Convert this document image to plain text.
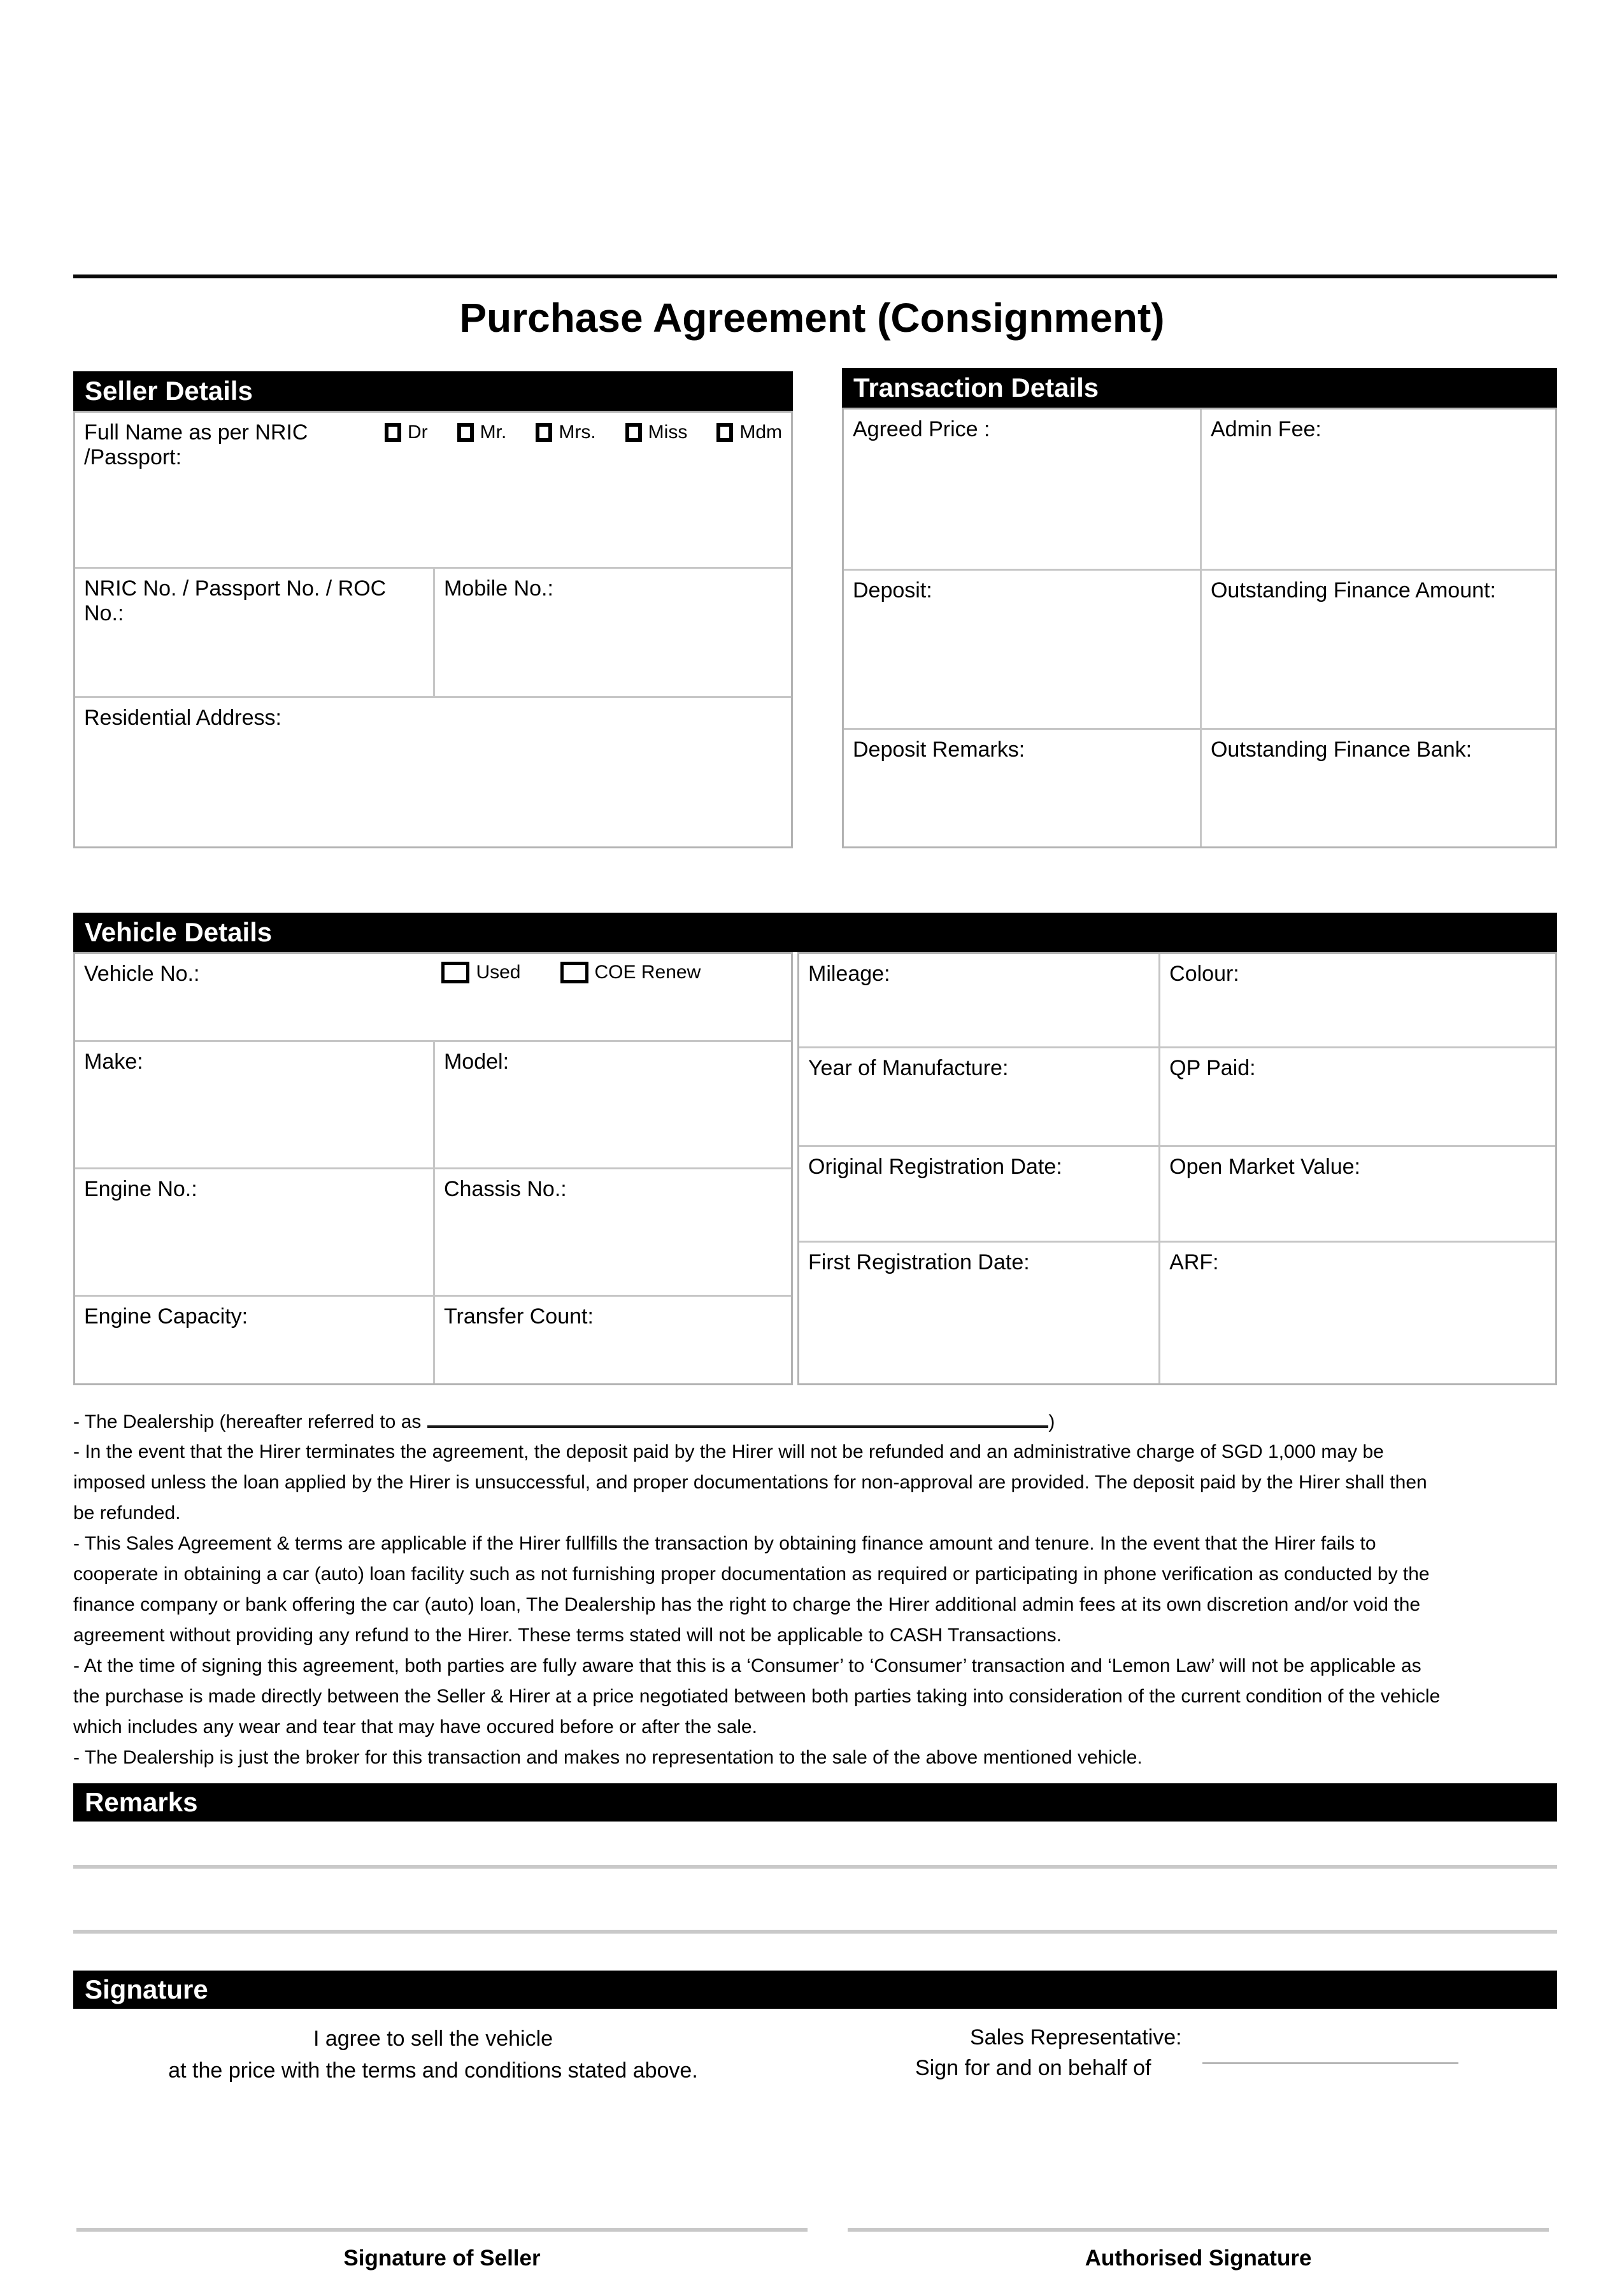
Purchase Agreement (Consignment)
Seller Details
Full Name as per NRIC /Passport:
Dr	Mr.	Mrs.	Miss	Mdm
NRIC No. / Passport No. / ROC No.:
Mobile No.:
Residential Address:
Transaction Details
Agreed Price :	Admin Fee:
Deposit:	Outstanding Finance Amount:
Deposit Remarks:	Outstanding Finance Bank:
Vehicle Details
Vehicle No.:	Used	COE Renew
Make:	Model:
Engine No.:	Chassis No.:
Engine Capacity:	Transfer Count:
Mileage:	Colour:
Year of Manufacture:	QP Paid:
Original Registration Date:	Open Market Value:
First Registration Date:	ARF:
- The Dealership (hereafter referred to as	)
- In the event that the Hirer terminates the agreement, the deposit paid by the Hirer will not be refunded and an administrative charge of SGD 1,000 may be
imposed unless the loan applied by the Hirer is unsuccessful, and proper documentations for non-approval are provided. The deposit paid by the Hirer shall then
be refunded.
- This Sales Agreement & terms are applicable if the Hirer fullfills the transaction by obtaining finance amount and tenure. In the event that the Hirer fails to
cooperate in obtaining a car (auto) loan facility such as not furnishing proper documentation as required or participating in phone verification as conducted by the
finance company or bank offering the car (auto) loan, The Dealership has the right to charge the Hirer additional admin fees at its own discretion and/or void the
agreement without providing any refund to the Hirer. These terms stated will not be applicable to CASH Transactions.
- At the time of signing this agreement, both parties are fully aware that this is a ‘Consumer’ to ‘Consumer’ transaction and ‘Lemon Law’ will not be applicable as
the purchase is made directly between the Seller & Hirer at a price negotiated between both parties taking into consideration of the current condition of the vehicle
which includes any wear and tear that may have occured before or after the sale.
- The Dealership is just the broker for this transaction and makes no representation to the sale of the above mentioned vehicle.
Remarks
Signature
I agree to sell the vehicle
at the price with the terms and conditions stated above.
Sales Representative:
Sign for and on behalf of
Signature of Seller	Authorised Signature
